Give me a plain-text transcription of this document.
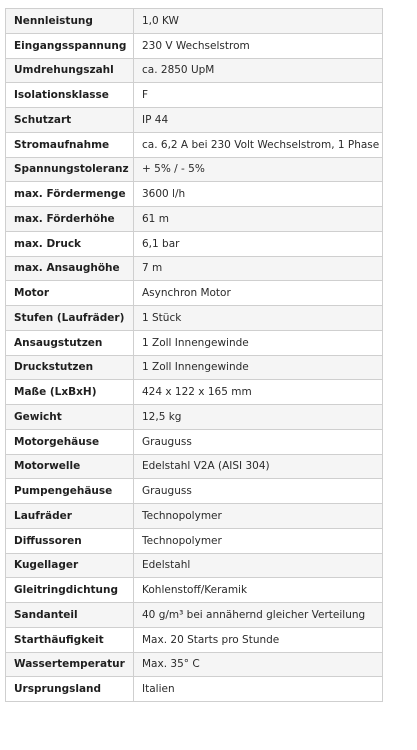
Nennleistung	1,0 KW
Eingangsspannung	230 V Wechselstrom
Umdrehungszahl	ca. 2850 UpM
Isolationsklasse	F
Schutzart	IP 44
Stromaufnahme	ca. 6,2 A bei 230 Volt Wechselstrom, 1 Phase
Spannungstoleranz	+ 5% / - 5%
max. Fördermenge	3600 l/h
max. Förderhöhe	61 m
max. Druck	6,1 bar
max. Ansaughöhe	7 m
Motor	Asynchron Motor
Stufen (Laufräder)	1 Stück
Ansaugstutzen	1 Zoll Innengewinde
Druckstutzen	1 Zoll Innengewinde
Maße (LxBxH)	424 x 122 x 165 mm
Gewicht	12,5 kg
Motorgehäuse	Grauguss
Motorwelle	Edelstahl V2A (AISI 304)
Pumpengehäuse	Grauguss
Laufräder	Technopolymer
Diffussoren	Technopolymer
Kugellager	Edelstahl
Gleitringdichtung	Kohlenstoff/Keramik
Sandanteil	40 g/m³ bei annähernd gleicher Verteilung
Starthäufigkeit	Max. 20 Starts pro Stunde
Wassertemperatur	Max. 35° C
Ursprungsland	Italien
